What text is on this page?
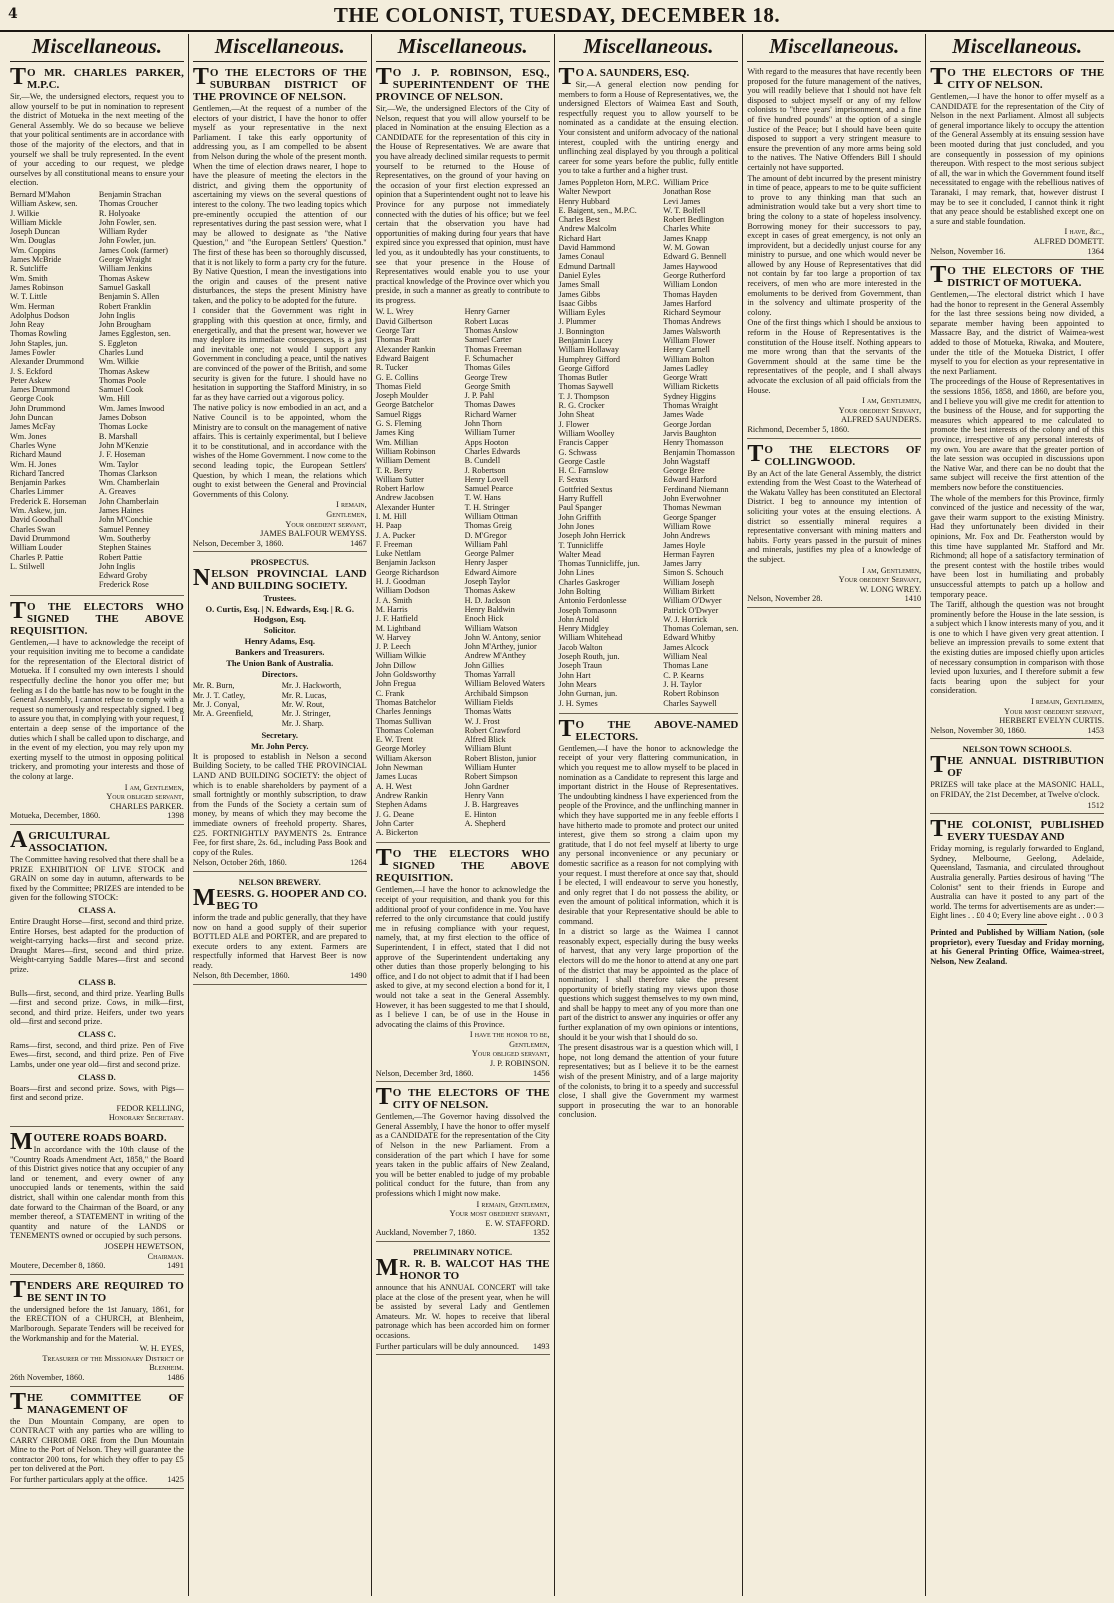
4	THE COLONIST, TUESDAY, DECEMBER 18.
Miscellaneous.
TO MR. CHARLES PARKER, M.P.C.
Sir,—We, the undersigned electors, request you to allow yourself to be put in nomination to represent the district of Motueka in the next meeting of the General Assembly. We do so because we believe that your political sentiments are in accordance with those of the majority of the electors, and that in yourself we shall be truly represented. In the event of your acceding to our request, we pledge ourselves by all constitutional means to ensure your election.
Bernard M'Mahon	Benjamin Strachan
William Askew, sen.	Thomas Croucher
J. Wilkie	R. Holyoake
William Mickle	John Fowler, sen.
Joseph Duncan	William Ryder
Wm. Douglas	John Fowler, jun.
Wm. Coppins	James Cook (farmer)
James McBride	George Wraight
R. Sutcliffe	William Jenkins
Wm. Smith	Thomas Askew
James Robinson	Samuel Gaskall
W. T. Little	Benjamin S. Allen
Wm. Herman	Robert Franklin
Adolphus Dodson	John Inglis
John Reay	John Brougham
Thomas Rowling	James Eggleston, sen.
John Staples, jun.	S. Eggleton
James Fowler	Charles Lund
Alexander Drummond	Wm. Wilkie
J. S. Eckford	Thomas Askew
Peter Askew	Thomas Poole
James Drummond	Samuel Cook
George Cook	Wm. Hill
John Drummond	Wm. James Inwood
John Duncan	James Dobson
James McFay	Thomas Locke
Wm. Jones	B. Marshall
Charles Wyne	John M'Kenzie
Richard Maund	J. F. Hoseman
Wm. H. Jones	Wm. Taylor
Richard Tancred	Thomas Clarkson
Benjamin Parkes	Wm. Chamberlain
Charles Limmer	A. Greaves
Frederick E. Horseman	John Chamberlain
Wm. Askew, jun.	James Haines
David Goodhall	John M'Conchie
Charles Swan	Samuel Penney
David Drummond	Wm. Southerby
William Louder	Stephen Staines
Charles P. Pattie	Robert Pattie
L. Stilwell	John Inglis
Edward Groby
Frederick Rose
TO THE ELECTORS WHO SIGNED THE ABOVE REQUISITION.
Gentlemen,—I have to acknowledge the receipt of your requisition inviting me to become a candidate for the representation of the Electoral district of Motueka. If I consulted my own interests I should respectfully decline the honor you offer me; but feeling as I do the battle has now to be fought in the General Assembly, I cannot refuse to comply with a request so numerously and respectably signed. I beg to assure you that, in complying with your request, I entertain a deep sense of the importance of the duties which I shall be called upon to discharge, and in the event of my election, you may rely upon my exerting myself to the utmost in opposing political trickery, and promoting your interests and those of the colony at large.
I am, Gentlemen,
Your obliged servant,
CHARLES PARKER.
Motueka, December, 1860.	1398
AGRICULTURAL ASSOCIATION.
The Committee having resolved that there shall be a PRIZE EXHIBITION OF LIVE STOCK and GRAIN on some day in autumn, afterwards to be fixed by the Committee; PRIZES are intended to be given for the following STOCK:
CLASS A.
Entire Draught Horse—first, second and third prize. Entire Horses, best adapted for the production of weight-carrying hacks—first and second prize. Draught Mares—first, second and third prize. Weight-carrying Saddle Mares—first and second prize.
CLASS B.
Bulls—first, second, and third prize. Yearling Bulls—first and second prize. Cows, in milk—first, second, and third prize. Heifers, under two years old—first and second prize.
CLASS C.
Rams—first, second, and third prize. Pen of Five Ewes—first, second, and third prize. Pen of Five Lambs, under one year old—first and second prize.
CLASS D.
Boars—first and second prize. Sows, with Pigs—first and second prize.
FEDOR KELLING,
Honorary Secretary.
MOUTERE ROADS BOARD.
In accordance with the 10th clause of the "Country Roads Amendment Act, 1858," the Board of this District gives notice that any occupier of any land or tenement, and every owner of any unoccupied lands or tenements, within the said district, shall within one calendar month from this date forward to the Chairman of the Board, or any member thereof, a STATEMENT in writing of the quantity and nature of the LANDS or TENEMENTS owned or occupied by such persons.
JOSEPH HEWETSON,
Chairman.
Moutere, December 8, 1860.	1491
TENDERS ARE REQUIRED TO BE SENT IN TO
the undersigned before the 1st January, 1861, for the ERECTION of a CHURCH, at Blenheim, Marlborough. Separate Tenders will be received for the Workmanship and for the Material.
W. H. EYES,
Treasurer of the Missionary District of Blenheim.
26th November, 1860.	1486
THE COMMITTEE OF MANAGEMENT OF
the Dun Mountain Company, are open to CONTRACT with any parties who are willing to CARRY CHROME ORE from the Dun Mountain Mine to the Port of Nelson. They will guarantee the contractor 200 tons, for which they offer to pay £5 per ton delivered at the Port.
For further particulars apply at the office. 1425
Miscellaneous.
TO THE ELECTORS OF THE SUBURBAN DISTRICT OF THE PROVINCE OF NELSON.
Gentlemen,—At the request of a number of the electors of your district, I have the honor to offer myself as your representative in the next Parliament. I take this early opportunity of addressing you, as I am compelled to be absent from Nelson during the whole of the present month. When the time of election draws nearer, I hope to have the pleasure of meeting the electors in the district, and giving them the opportunity of ascertaining my views on the several questions of interest to the colony. The two leading topics which pre-eminently occupied the attention of our representatives during the past session were, what I may be allowed to designate as "the Native Question," and "the European Settlers' Question." The first of these has been so thoroughly discussed, that it is not likely to form a party cry for the future. By Native Question, I mean the investigations into the origin and causes of the present native disturbances, the steps the present Ministry have taken, and the policy to be adopted for the future.
I consider that the Government was right in grappling with this question at once, firmly, and energetically, and that the present war, however we may deplore its immediate consequences, is a just and inevitable one; not would I support any Government in concluding a peace, until the natives are convinced of the power of the British, and some security is given for the future. I should have no hesitation in supporting the Stafford Ministry, in so far as they have carried out a vigorous policy.
The native policy is now embodied in an act, and a Native Council is to be appointed, whom the Ministry are to consult on the management of native affairs. This is certainly experimental, but I believe it to be constitutional, and in accordance with the wishes of the Home Government. I now come to the second leading topic, the European Settlers' Question, by which I mean, the relations which ought to exist between the General and Provincial Governments of this Colony.
I remain,
Gentlemen,
Your obedient servant,
JAMES BALFOUR WEMYSS.
Nelson, December 3, 1860.	1467
PROSPECTUS.
NELSON PROVINCIAL LAND AND BUILDING SOCIETY.
Trustees.
O. Curtis, Esq. | N. Edwards, Esq. | R. G. Hodgson, Esq.
Solicitor.
Henry Adams, Esq.
Bankers and Treasurers.
The Union Bank of Australia.
Directors.
Mr. R. Burn,	Mr. J. Hackworth,
Mr. J. T. Catley,	Mr. R. Lucas,
Mr. J. Conyal,	Mr. W. Rout,
Mr. A. Greenfield,	Mr. J. Stringer,
Mr. J. Sharp.
Secretary.
Mr. John Percy.
It is proposed to establish in Nelson a second Building Society, to be called THE PROVINCIAL LAND AND BUILDING SOCIETY: the object of which is to enable shareholders by payment of a small fortnightly or monthly subscription, to draw from the Funds of the Society a certain sum of money, by means of which they may become the immediate owners of freehold property. Shares, £25. FORTNIGHTLY PAYMENTS 2s. Entrance Fee, for first share, 2s. 6d., including Pass Book and copy of the Rules.
Nelson, October 26th, 1860.	1264
NELSON BREWERY.
MEESRS. G. HOOPER AND CO. BEG TO
inform the trade and public generally, that they have now on hand a good supply of their superior BOTTLED ALE and PORTER, and are prepared to execute orders to any extent. Farmers are respectfully informed that Harvest Beer is now ready.
Nelson, 8th December, 1860.	1490
Miscellaneous.
TO J. P. ROBINSON, ESQ., SUPERINTENDENT OF THE PROVINCE OF NELSON.
Sir,—We, the undersigned Electors of the City of Nelson, request that you will allow yourself to be placed in Nomination at the ensuing Election as a CANDIDATE for the representation of this city in the House of Representatives. We are aware that you have already declined similar requests to permit yourself to be returned to the House of Representatives, on the ground of your having on the occasion of your first election expressed an opinion that a Superintendent ought not to leave his Province for any purpose not immediately connected with the duties of his office; but we feel certain that the observation you have had opportunities of making during four years that have expired since you expressed that opinion, must have led you, as it undoubtedly has your constituents, to see that your presence in the House of Representatives would enable you to use your practical knowledge of the Province over which you preside, in such a manner as greatly to contribute to its progress.
W. L. Wrey	Henry Garner
David Gilbertson	Robert Lucas
George Tarr	Thomas Anslow
Thomas Pratt	Samuel Carter
Alexander Rankin	Thomas Freeman
Edward Baigent	F. Schumacher
R. Tucker	Thomas Giles
G. E. Collins	George Trew
Thomas Field	George Smith
Joseph Moulder	J. P. Pahl
George Batchelor	Thomas Dawes
Samuel Riggs	Richard Warner
G. S. Fleming	John Thorn
James King	William Turner
Wm. Millian	Apps Hooton
William Robinson	Charles Edwards
William Dement	B. Cundell
T. R. Berry	J. Robertson
William Sutter	Henry Lovell
Robert Harlow	Samuel Pearce
Andrew Jacobsen	T. W. Hans
Alexander Hunter	T. H. Stringer
I. M. Hill	William Ottman
H. Paap	Thomas Greig
J. A. Pucker	D. M'Gregor
F. Freeman	William Pahl
Luke Nettlam	George Palmer
Benjamin Jackson	Henry Jasper
George Richardson	Edward Aimore
H. J. Goodman	Joseph Taylor
William Dodson	Thomas Askew
J. A. Smith	H. D. Jackson
M. Harris	Henry Baldwin
J. F. Hatfield	Enoch Hick
M. Lightband	William Watson
W. Harvey	John W. Antony, senior
J. P. Leech	John M'Arthey, junior
William Wilkie	Andrew M'Anthey
John Dillow	John Gillies
John Goldsworthy	Thomas Yarrall
John Fregua	William Beloved Waters
C. Frank	Archibald Simpson
Thomas Batchelor	William Fields
Charles Jennings	Thomas Watts
Thomas Sullivan	W. J. Frost
Thomas Coleman	Robert Crawford
E. W. Trent	Alfred Blick
George Morley	William Blunt
William Akerson	Robert Bliston, junior
John Newman	William Hunter
James Lucas	Robert Simpson
A. H. West	John Gardner
Andrew Rankin	Henry Vann
Stephen Adams	J. B. Hargreaves
J. G. Deane	E. Hinton
John Carter	A. Shepherd
A. Bickerton
TO THE ELECTORS WHO SIGNED THE ABOVE REQUISITION.
Gentlemen,—I have the honor to acknowledge the receipt of your requisition, and thank you for this additional proof of your confidence in me. You have referred to the only circumstance that could justify me in refusing compliance with your request, namely, that, at my first election to the office of Superintendent, I in effect, stated that I did not approve of the Superintendent undertaking any other duties than those properly belonging to his office, and I do not object to admit that if I had been asked to give, at my second election a bond for it, I would not take a seat in the General Assembly. However, it has been suggested to me that I should, as I believe I can, be of use in the House in advocating the claims of this Province.
I have the honor to be,
Gentlemen,
Your obliged servant,
J. P. ROBINSON.
Nelson, December 3rd, 1860.	1456
TO THE ELECTORS OF THE CITY OF NELSON.
Gentlemen,—The Governor having dissolved the General Assembly, I have the honor to offer myself as a CANDIDATE for the representation of the City of Nelson in the new Parliament. From a consideration of the part which I have for some years taken in the public affairs of New Zealand, you will be better enabled to judge of my probable political conduct for the future, than from any professions which I might now make.
I remain, Gentlemen,
Your most obedient servant,
E. W. STAFFORD.
Auckland, November 7, 1860.	1352
PRELIMINARY NOTICE.
MR. R. B. WALCOT HAS THE HONOR TO
announce that his ANNUAL CONCERT will take place at the close of the present year, when he will be assisted by several Lady and Gentlemen Amateurs. Mr. W. hopes to receive that liberal patronage which has been accorded him on former occasions.
Further particulars will be duly announced. 1493
Miscellaneous.
TO A. SAUNDERS, ESQ.
Sir,—A general election now pending for members to form a House of Representatives, we, the undersigned Electors of Waimea East and South, respectfully request you to allow yourself to be nominated as a candidate at the ensuing election. Your consistent and uniform advocacy of the national interest, coupled with the untiring energy and unflinching zeal displayed by you through a political career for some years before the public, fully entitle you to take a further and a higher trust.
James Poppleton Horn, M.P.C. William Price
Walter Newport	Jonathan Rose
Henry Hubbard	Levi James
E. Baigent, sen., M.P.C.	W. T. Bolfell
Charles Best	Robert Bedlington
Andrew Malcolm	Charles White
Richard Hart	James Knapp
David Hammond	W. M. Gowan
James Conaul	Edward G. Bennell
Edmund Dartnall	James Haywood
Daniel Eyles	George Rutherford
James Small	William London
James Gibbs	Thomas Hayden
Isaac Gibbs	James Harford
William Eyles	Richard Seymour
J. Plummer	Thomas Andrews
J. Bonnington	James Walsworth
Benjamin Lucey	William Flower
William Hollaway	Henry Carnell
Humphrey Gifford	William Bolton
George Gifford	James Ladley
Thomas Butler	George Wratt
Thomas Saywell	William Ricketts
T. J. Thompson	Sydney Higgins
R. G. Crocker	Thomas Wraight
John Sheat	James Wade
J. Flower	George Jordan
William Woolley	Jarvis Baughton
Francis Capper	Henry Thomasson
G. Schwass	Benjamin Thomasson
George Castle	John Wagstaff
H. C. Farnslow	George Bree
F. Sextus	Edward Harford
Gottfried Sextus	Ferdinand Niemann
Harry Ruffell	John Everwohner
Paul Spanger	Thomas Newman
John Griffith	George Spanger
John Jones	William Rowe
Joseph John Herrick	John Andrews
T. Tunnicliffe	James Hoyle
Walter Mead	Herman Fayren
Thomas Tunnicliffe, jun.	James Jarry
John Lines	Simon S. Schouch
Charles Gaskroger	William Joseph
John Bolting	William Birkett
Antonio Ferdonlesse	William O'Dwyer
Joseph Tomasonn	Patrick O'Dwyer
John Arnold	W. J. Horrick
Henry Midgley	Thomas Coleman, sen.
William Whitehead	Edward Whitby
Jacob Walton	James Alcock
Joseph Routh, jun.	William Neal
Joseph Traun	Thomas Lane
John Hart	C. P. Kearns
John Mears	J. H. Taylor
John Gurnan, jun.	Robert Robinson
J. H. Symes	Charles Saywell
TO THE ABOVE-NAMED ELECTORS.
Gentlemen,—I have the honor to acknowledge the receipt of your very flattering communication, in which you request me to allow myself to be placed in nomination as a Candidate to represent this large and important district in the House of Representatives. The undoubting kindness I have experienced from the people of the Province, and the unflinching manner in which they have supported me in any feeble efforts I have hitherto made to promote and protect our united interest, give them so strong a claim upon my gratitude, that I do not feel myself at liberty to urge any personal inconvenience or any pecuniary or domestic sacrifice as a reason for not complying with your request. I must therefore at once say that, should I be elected, I will endeavour to serve you honestly, and only regret that I do not possess the ability, or even the amount of political information, which it is desirable that your Representative should be able to command.
In a district so large as the Waimea I cannot reasonably expect, especially during the busy weeks of harvest, that any very large proportion of the electors will do me the honor to attend at any one part of the district that may be appointed as the place of nomination; I shall therefore take the present opportunity of briefly stating my views upon those questions which suggest themselves to my own mind, and shall be happy to meet any of you more than one part of the district to answer any inquiries or offer any further explanation of my own opinions or intentions, should it be your wish that I should do so.
The present disastrous war is a question which will, I hope, not long demand the attention of your future representatives; but as I believe it to be the earnest wish of the present Ministry, and of a large majority of the colonists, to bring it to a speedy and successful close, I shall give the Government my warmest support in prosecuting the war to an honorable conclusion.
Miscellaneous.
With regard to the measures that have recently been proposed for the future management of the natives, you will readily believe that I should not have felt disposed to subject myself or any of my fellow colonists to "three years' imprisonment, and a fine of five hundred pounds" at the option of a single Justice of the Peace; but I should have been quite disposed to support a very stringent measure to ensure the prevention of any more arms being sold to the natives. The Native Offenders Bill I should certainly not have supported.
The amount of debt incurred by the present ministry in time of peace, appears to me to be quite sufficient to prove to any thinking man that such an administration would take but a very short time to bring the colony to a state of hopeless insolvency. Borrowing money for their successors to pay, except in cases of great emergency, is not only an improvident, but a decidedly unjust course for any ministry to pursue, and one which would never be allowed by any House of Representatives that did not contain by far too large a proportion of tax receivers, of men who are more interested in the emoluments to be derived from Government, than in the solvency and ultimate prosperity of the colony.
One of the first things which I should be anxious to reform in the House of Representatives is the constitution of the House itself. Nothing appears to me more wrong than that the servants of the Government should at the same time be the representatives of the people, and I shall always advocate the exclusion of all paid officials from the House.
I am, Gentlemen,
Your obedient Servant,
ALFRED SAUNDERS.
Richmond, December 5, 1860.
TO THE ELECTORS OF COLLINGWOOD.
By an Act of the late General Assembly, the district extending from the West Coast to the Waterhead of the Wakatu Valley has been constituted an Electoral District. I beg to announce my intention of soliciting your votes at the ensuing elections. A district so essentially mineral requires a representative conversant with mining matters and habits. Forty years passed in the pursuit of mines and minerals, justifies my plea of a knowledge of the subject.
I am, Gentlemen,
Your obedient Servant,
W. LONG WREY.
Nelson, November 28.	1410
Miscellaneous.
TO THE ELECTORS OF THE CITY OF NELSON.
Gentlemen,—I have the honor to offer myself as a CANDIDATE for the representation of the City of Nelson in the next Parliament. Almost all subjects of general importance likely to occupy the attention of the General Assembly at its ensuing session have been mooted during that just concluded, and you are consequently in possession of my opinions thereupon. With respect to the most serious subject of all, the war in which the Government found itself necessitated to engage with the rebellious natives of Taranaki, I may remark, that, however distrust I may be to see it concluded, I cannot think it right that any peace should be established except one on a sure and stable foundation.
I have, &c.,
ALFRED DOMETT.
Nelson, November 16.	1364
TO THE ELECTORS OF THE DISTRICT OF MOTUEKA.
Gentlemen,—The electoral district which I have had the honor to represent in the General Assembly for the last three sessions being now divided, a separate member having been appointed to Massacre Bay, and the district of Waimea-west added to those of Motueka, Riwaka, and Moutere, under the title of the Motueka District, I offer myself to you for election as your representative in the next Parliament.
The proceedings of the House of Representatives in the sessions 1856, 1858, and 1860, are before you, and I believe you will give me credit for attention to the business of the House, and for supporting the measures which appeared to me calculated to promote the best interests of the colony and of this province, irrespective of any personal interests of my own. You are aware that the greater portion of the late session was occupied in discussions upon the Native War, and there can be no doubt that the same subject will receive the first attention of the members now before the constituencies.
The whole of the members for this Province, firmly convinced of the justice and necessity of the war, gave their warm support to the existing Ministry. Had they unfortunately been divided in their opinions, Mr. Fox and Dr. Featherston would by this time have supplanted Mr. Stafford and Mr. Richmond; all hope of a satisfactory termination of the present contest with the hostile tribes would have been lost in humiliating and probably unsuccessful attempts to patch up a hollow and temporary peace.
The Tariff, although the question was not brought prominently before the House in the late session, is a subject which I know interests many of you, and it is one to which I have given very great attention. I believe an impression prevails to some extent that the existing duties are imposed chiefly upon articles of necessary consumption in comparison with those levied upon luxuries, and I therefore submit a few facts bearing upon the subject for your consideration.
I remain, Gentlemen,
Your most obedient servant,
HERBERT EVELYN CURTIS.
Nelson, November 30, 1860.	1453
NELSON TOWN SCHOOLS.
THE ANNUAL DISTRIBUTION OF
PRIZES will take place at the MASONIC HALL, on FRIDAY, the 21st December, at Twelve o'clock.
1512
THE COLONIST, PUBLISHED EVERY TUESDAY AND
Friday morning, is regularly forwarded to England, Sydney, Melbourne, Geelong, Adelaide, Queensland, Tasmania, and circulated throughout Australia generally. Parties desirous of having "The Colonist" sent to their friends in Europe and Australia can have it posted to any part of the world. The terms for advertisements are as under:—Eight lines . . £0 4 0; Every line above eight . . 0 0 3
Printed and Published by William Nation, (sole proprietor), every Tuesday and Friday morning, at his General Printing Office, Waimea-street, Nelson, New Zealand.
